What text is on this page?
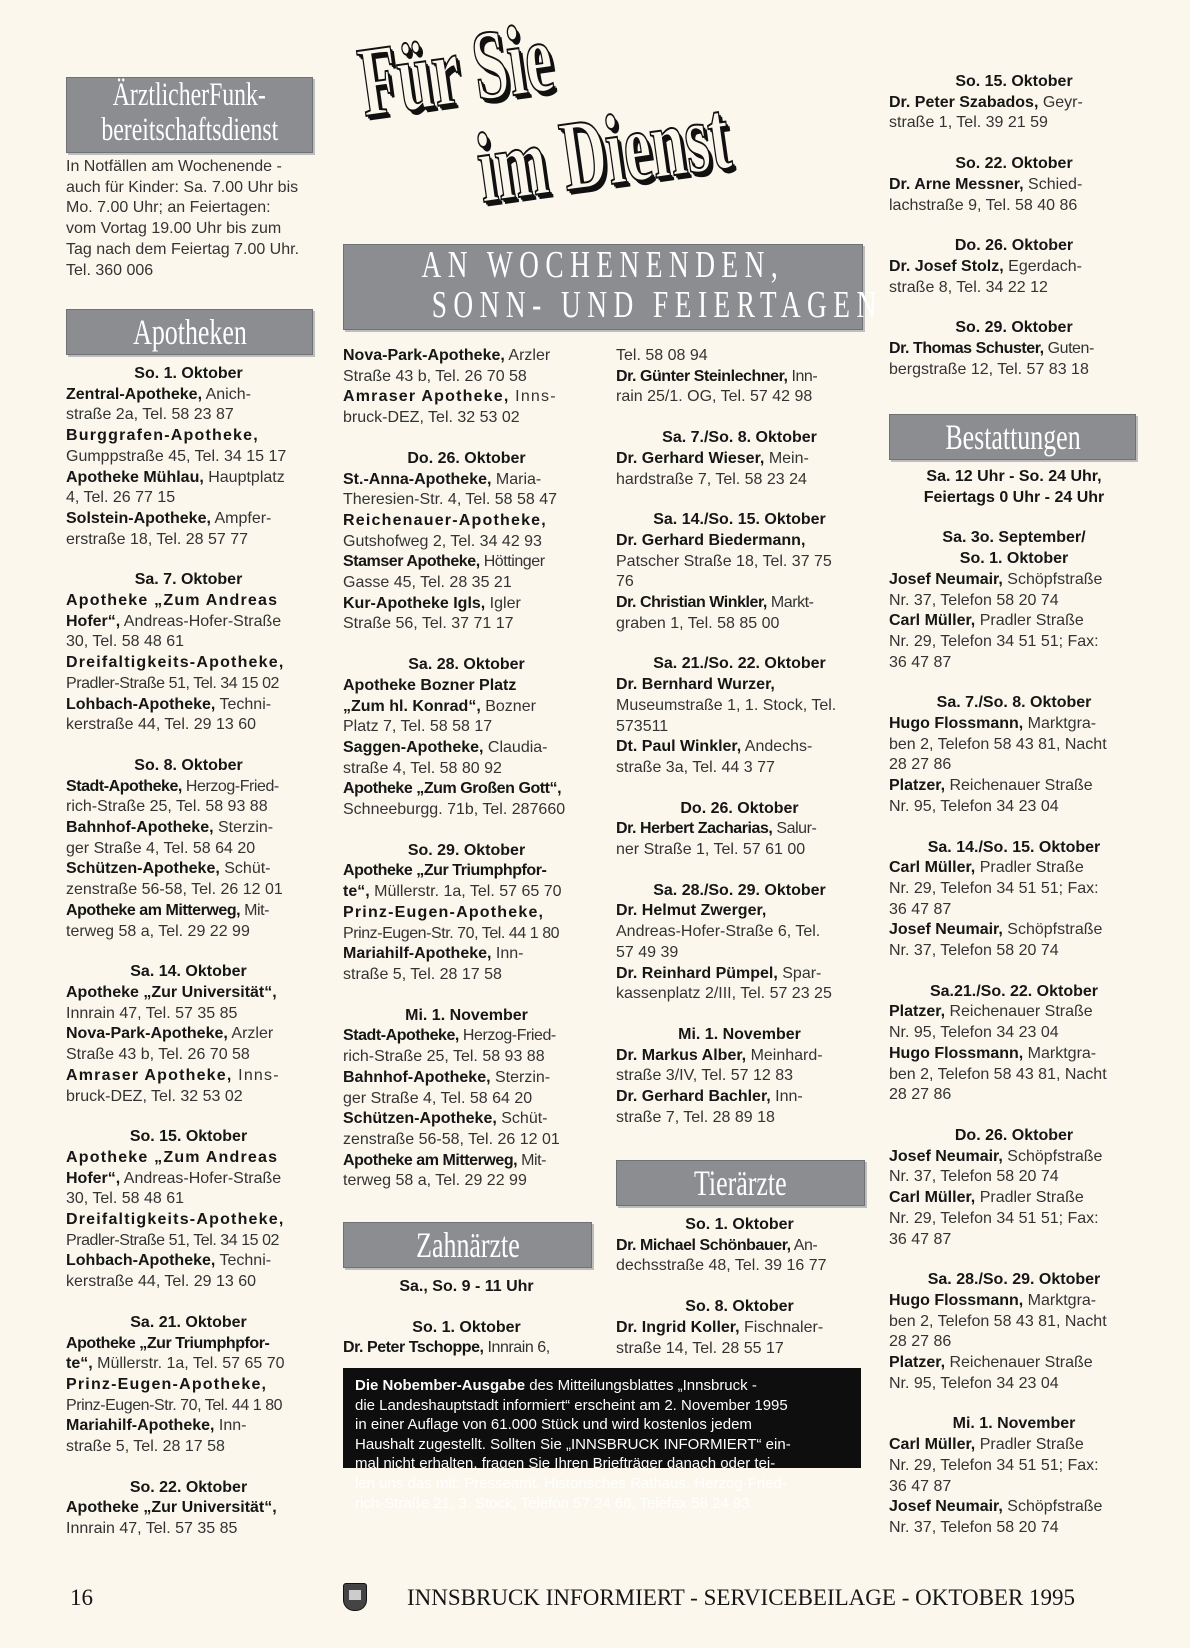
Für Sie
im Dienst
AN WOCHENENDEN,
SONN- UND FEIERTAGEN
ÄrztlicherFunk-
bereitschaftsdienst

In Notfällen am Wochenende -

auch für Kinder: Sa. 7.00 Uhr bis

Mo. 7.00 Uhr; an Feiertagen:

vom Vortag 19.00 Uhr bis zum

Tag nach dem Feiertag 7.00 Uhr.

Tel. 360 006

Apotheken

So. 1. Oktober

Zentral-Apotheke, Anich-

straße 2a, Tel. 58 23 87

Burggrafen-Apotheke,

Gumppstraße 45, Tel. 34 15 17

Apotheke Mühlau, Hauptplatz

4, Tel. 26 77 15

Solstein-Apotheke, Ampfer-

erstraße 18, Tel. 28 57 77

Sa. 7. Oktober

Apotheke „Zum Andreas

Hofer“, Andreas-Hofer-Straße

30, Tel. 58 48 61

Dreifaltigkeits-Apotheke,

Pradler-Straße 51, Tel. 34 15 02

Lohbach-Apotheke, Techni-

kerstraße 44, Tel. 29 13 60

So. 8. Oktober

Stadt-Apotheke, Herzog-Fried-

rich-Straße 25, Tel. 58 93 88

Bahnhof-Apotheke, Sterzin-

ger Straße 4, Tel. 58 64 20

Schützen-Apotheke, Schüt-

zenstraße 56-58, Tel. 26 12 01

Apotheke am Mitterweg, Mit-

terweg 58 a, Tel. 29 22 99

Sa. 14. Oktober

Apotheke „Zur Universität“,

Innrain 47, Tel. 57 35 85

Nova-Park-Apotheke, Arzler

Straße 43 b, Tel. 26 70 58

Amraser Apotheke, Inns-

bruck-DEZ, Tel. 32 53 02

So. 15. Oktober

Apotheke „Zum Andreas

Hofer“, Andreas-Hofer-Straße

30, Tel. 58 48 61

Dreifaltigkeits-Apotheke,

Pradler-Straße 51, Tel. 34 15 02

Lohbach-Apotheke, Techni-

kerstraße 44, Tel. 29 13 60

Sa. 21. Oktober

Apotheke „Zur Triumphpfor-

te“, Müllerstr. 1a, Tel. 57 65 70

Prinz-Eugen-Apotheke,

Prinz-Eugen-Str. 70, Tel. 44 1 80

Mariahilf-Apotheke, Inn-

straße 5, Tel. 28 17 58

So. 22. Oktober

Apotheke „Zur Universität“,

Innrain 47, Tel. 57 35 85

Nova-Park-Apotheke, Arzler

Straße 43 b, Tel. 26 70 58

Amraser Apotheke, Inns-

bruck-DEZ, Tel. 32 53 02

Do. 26. Oktober

St.-Anna-Apotheke, Maria-

Theresien-Str. 4, Tel. 58 58 47

Reichenauer-Apotheke,

Gutshofweg 2, Tel. 34 42 93

Stamser Apotheke, Höttinger

Gasse 45, Tel. 28 35 21

Kur-Apotheke Igls, Igler

Straße 56, Tel. 37 71 17

Sa. 28. Oktober

Apotheke Bozner Platz

„Zum hl. Konrad“, Bozner

Platz 7, Tel. 58 58 17

Saggen-Apotheke, Claudia-

straße 4, Tel. 58 80 92

Apotheke „Zum Großen Gott“,

Schneeburgg. 71b, Tel. 287660

So. 29. Oktober

Apotheke „Zur Triumphpfor-

te“, Müllerstr. 1a, Tel. 57 65 70

Prinz-Eugen-Apotheke,

Prinz-Eugen-Str. 70, Tel. 44 1 80

Mariahilf-Apotheke, Inn-

straße 5, Tel. 28 17 58

Mi. 1. November

Stadt-Apotheke, Herzog-Fried-

rich-Straße 25, Tel. 58 93 88

Bahnhof-Apotheke, Sterzin-

ger Straße 4, Tel. 58 64 20

Schützen-Apotheke, Schüt-

zenstraße 56-58, Tel. 26 12 01

Apotheke am Mitterweg, Mit-

terweg 58 a, Tel. 29 22 99

Zahnärzte

Sa., So. 9 - 11 Uhr

So. 1. Oktober

Dr. Peter Tschoppe, Innrain 6,

Tel. 58 08 94

Dr. Günter Steinlechner, Inn-

rain 25/1. OG, Tel. 57 42 98

Sa. 7./So. 8. Oktober

Dr. Gerhard Wieser, Mein-

hardstraße 7, Tel. 58 23 24

Sa. 14./So. 15. Oktober

Dr. Gerhard Biedermann,

Patscher Straße 18, Tel. 37 75

76

Dr. Christian Winkler, Markt-

graben 1, Tel. 58 85 00

Sa. 21./So. 22. Oktober

Dr. Bernhard Wurzer,

Museumstraße 1, 1. Stock, Tel.

573511

Dt. Paul Winkler, Andechs-

straße 3a, Tel. 44 3 77

Do. 26. Oktober

Dr. Herbert Zacharias, Salur-

ner Straße 1, Tel. 57 61 00

Sa. 28./So. 29. Oktober

Dr. Helmut Zwerger,

Andreas-Hofer-Straße 6, Tel.

57 49 39

Dr. Reinhard Pümpel, Spar-

kassenplatz 2/III, Tel. 57 23 25

Mi. 1. November

Dr. Markus Alber, Meinhard-

straße 3/IV, Tel. 57 12 83

Dr. Gerhard Bachler, Inn-

straße 7, Tel. 28 89 18

Tierärzte

So. 1. Oktober

Dr. Michael Schönbauer, An-

dechsstraße 48, Tel. 39 16 77

So. 8. Oktober

Dr. Ingrid Koller, Fischnaler-

straße 14, Tel. 28 55 17

So. 15. Oktober

Dr. Peter Szabados, Geyr-

straße 1, Tel. 39 21 59

So. 22. Oktober

Dr. Arne Messner, Schied-

lachstraße 9, Tel. 58 40 86

Do. 26. Oktober

Dr. Josef Stolz, Egerdach-

straße 8, Tel. 34 22 12

So. 29. Oktober

Dr. Thomas Schuster, Guten-

bergstraße 12, Tel. 57 83 18

Bestattungen

Sa. 12 Uhr - So. 24 Uhr,

Feiertags 0 Uhr - 24 Uhr

Sa. 3o. September/

So. 1. Oktober

Josef Neumair, Schöpfstraße

Nr. 37, Telefon 58 20 74

Carl Müller, Pradler Straße

Nr. 29, Telefon 34 51 51; Fax:

36 47 87

Sa. 7./So. 8. Oktober

Hugo Flossmann, Marktgra-

ben 2, Telefon 58 43 81, Nacht

28 27 86

Platzer, Reichenauer Straße

Nr. 95, Telefon 34 23 04

Sa. 14./So. 15. Oktober

Carl Müller, Pradler Straße

Nr. 29, Telefon 34 51 51; Fax:

36 47 87

Josef Neumair, Schöpfstraße

Nr. 37, Telefon 58 20 74

Sa.21./So. 22. Oktober

Platzer, Reichenauer Straße

Nr. 95, Telefon 34 23 04

Hugo Flossmann, Marktgra-

ben 2, Telefon 58 43 81, Nacht

28 27 86

Do. 26. Oktober

Josef Neumair, Schöpfstraße

Nr. 37, Telefon 58 20 74

Carl Müller, Pradler Straße

Nr. 29, Telefon 34 51 51; Fax:

36 47 87

Sa. 28./So. 29. Oktober

Hugo Flossmann, Marktgra-

ben 2, Telefon 58 43 81, Nacht

28 27 86

Platzer, Reichenauer Straße

Nr. 95, Telefon 34 23 04

Mi. 1. November

Carl Müller, Pradler Straße

Nr. 29, Telefon 34 51 51; Fax:

36 47 87

Josef Neumair, Schöpfstraße

Nr. 37, Telefon 58 20 74

Die Nobember-Ausgabe des Mitteilungsblattes „Innsbruck -
die Landeshauptstadt informiert“ erscheint am 2. November 1995
in einer Auflage von 61.000 Stück und wird kostenlos jedem
Haushalt zugestellt. Sollten Sie „INNSBRUCK INFORMIERT“ ein-
mal nicht erhalten, fragen Sie Ihren Briefträger danach oder tei-
len uns das mit: Presseamt, Historisches Rathaus, Herzog-Fried-
rich-Straße 21, 3. Stock; Telefon 57 24 66, Telefax 58 24 93.
16	INNSBRUCK INFORMIERT - SERVICEBEILAGE - OKTOBER 1995
